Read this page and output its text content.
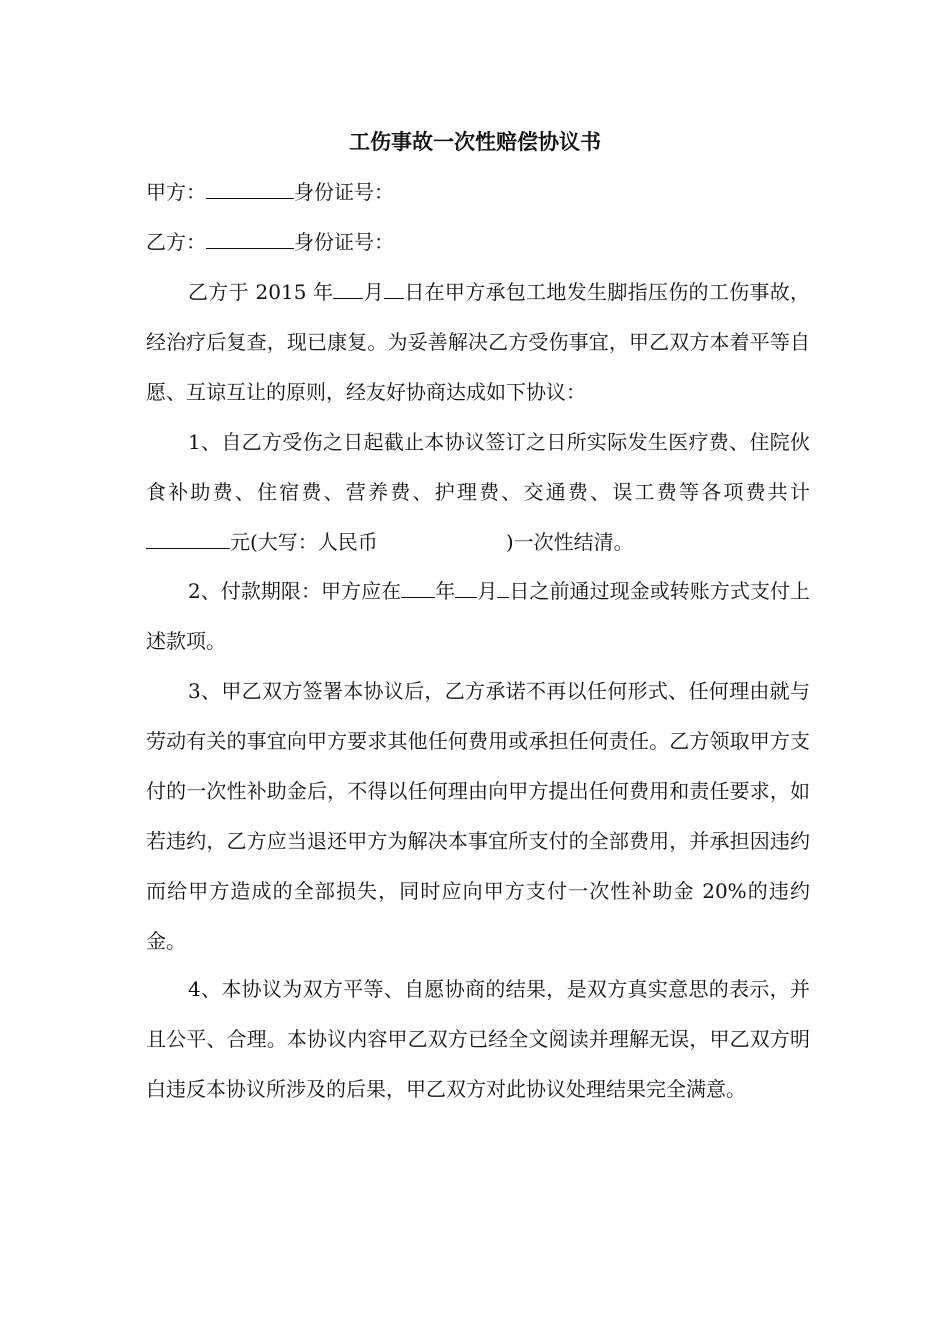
工伤事故一次性赔偿协议书
甲方：	身份证号：
乙方：	身份证号：
乙方于 2015 年 月 日在甲方承包工地发生脚指压伤的工伤事故，经治疗后复查，现已康复。为妥善解决乙方受伤事宜，甲乙双方本着平等自愿、互谅互让的原则，经友好协商达成如下协议：
1、自乙方受伤之日起截止本协议签订之日所实际发生医疗费、住院伙食补助费、住宿费、营养费、护理费、交通费、误工费等各项费共计元(大写：人民币	)一次性结清。
2、付款期限：甲方应在 年 月 日之前通过现金或转账方式支付上述款项。
3、甲乙双方签署本协议后，乙方承诺不再以任何形式、任何理由就与劳动有关的事宜向甲方要求其他任何费用或承担任何责任。乙方领取甲方支付的一次性补助金后，不得以任何理由向甲方提出任何费用和责任要求，如若违约，乙方应当退还甲方为解决本事宜所支付的全部费用，并承担因违约而给甲方造成的全部损失，同时应向甲方支付一次性补助金 20%的违约金。
4、本协议为双方平等、自愿协商的结果，是双方真实意思的表示，并且公平、合理。本协议内容甲乙双方已经全文阅读并理解无误，甲乙双方明白违反本协议所涉及的后果，甲乙双方对此协议处理结果完全满意。
